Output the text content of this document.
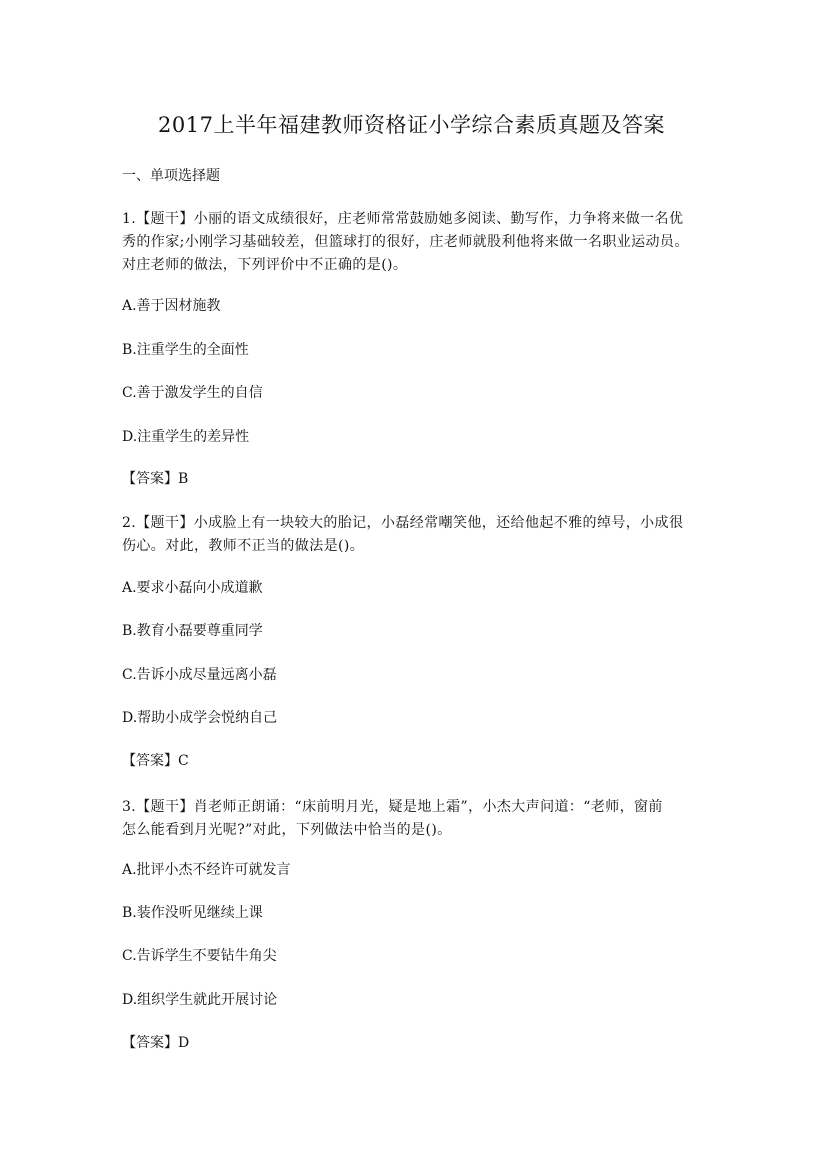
2017上半年福建教师资格证小学综合素质真题及答案
一、单项选择题
1.【题干】小丽的语文成绩很好，庄老师常常鼓励她多阅读、勤写作，力争将来做一名优
秀的作家;小刚学习基础较差，但篮球打的很好，庄老师就股利他将来做一名职业运动员。
对庄老师的做法，下列评价中不正确的是()。
A.善于因材施教
B.注重学生的全面性
C.善于激发学生的自信
D.注重学生的差异性
【答案】B
2.【题干】小成脸上有一块较大的胎记，小磊经常嘲笑他，还给他起不雅的绰号，小成很
伤心。对此，教师不正当的做法是()。
A.要求小磊向小成道歉
B.教育小磊要尊重同学
C.告诉小成尽量远离小磊
D.帮助小成学会悦纳自己
【答案】C
3.【题干】肖老师正朗诵：“床前明月光，疑是地上霜”，小杰大声问道：“老师，窗前
怎么能看到月光呢?”对此，下列做法中恰当的是()。
A.批评小杰不经许可就发言
B.装作没听见继续上课
C.告诉学生不要钻牛角尖
D.组织学生就此开展讨论
【答案】D
